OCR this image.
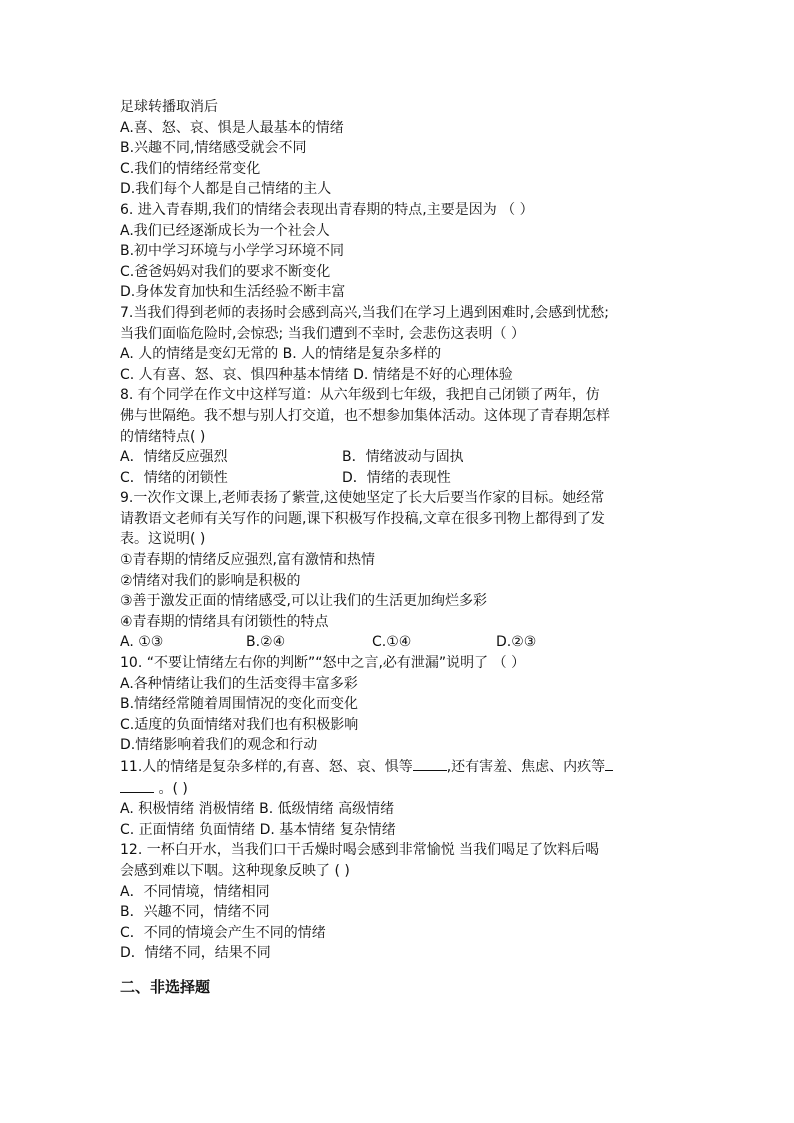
足球转播取消后

A.喜、怒、哀、惧是人最基本的情绪

B.兴趣不同,情绪感受就会不同

C.我们的情绪经常变化

D.我们每个人都是自己情绪的主人

6. 进入青春期,我们的情绪会表现出青春期的特点,主要是因为 （ ）

A.我们已经逐渐成长为一个社会人

B.初中学习环境与小学学习环境不同

C.爸爸妈妈对我们的要求不断变化

D.身体发育加快和生活经验不断丰富

7.当我们得到老师的表扬时会感到高兴,当我们在学习上遇到困难时,会感到忧愁;

当我们面临危险时,会惊恐; 当我们遭到不幸时, 会悲伤这表明（ ）

A. 人的情绪是变幻无常的 B. 人的情绪是复杂多样的

C. 人有喜、怒、哀、惧四种基本情绪 D. 情绪是不好的心理体验

8. 有个同学在作文中这样写道：从六年级到七年级，我把自己闭锁了两年，仿

佛与世隔绝。我不想与别人打交道，也不想参加集体活动。这体现了青春期怎样

的情绪特点( )

A．情绪反应强烈	B．情绪波动与固执
C．情绪的闭锁性	D．情绪的表现性

9.一次作文课上,老师表扬了紫萱,这使她坚定了长大后要当作家的目标。她经常

请教语文老师有关写作的问题,课下积极写作投稿,文章在很多刊物上都得到了发

表。这说明( )

①青春期的情绪反应强烈,富有激情和热情

②情绪对我们的影响是积极的

③善于激发正面的情绪感受,可以让我们的生活更加绚烂多彩

④青春期的情绪具有闭锁性的特点

A. ①③	B.②④	C.①④	D.②③

10. “不要让情绪左右你的判断”“怒中之言,必有泄漏”说明了 （ ）

A.各种情绪让我们的生活变得丰富多彩

B.情绪经常随着周围情况的变化而变化

C.适度的负面情绪对我们也有积极影响

D.情绪影响着我们的观念和行动

11.人的情绪是复杂多样的,有喜、怒、哀、惧等 ,还有害羞、焦虑、内疚等

。( )

A. 积极情绪 消极情绪 B. 低级情绪 高级情绪

C. 正面情绪 负面情绪 D. 基本情绪 复杂情绪

12. 一杯白开水，当我们口干舌燥时喝会感到非常愉悦 当我们喝足了饮料后喝

会感到难以下咽。这种现象反映了 ( )

A．不同情境，情绪相同

B．兴趣不同，情绪不同

C．不同的情境会产生不同的情绪

D．情绪不同，结果不同

二、非选择题
